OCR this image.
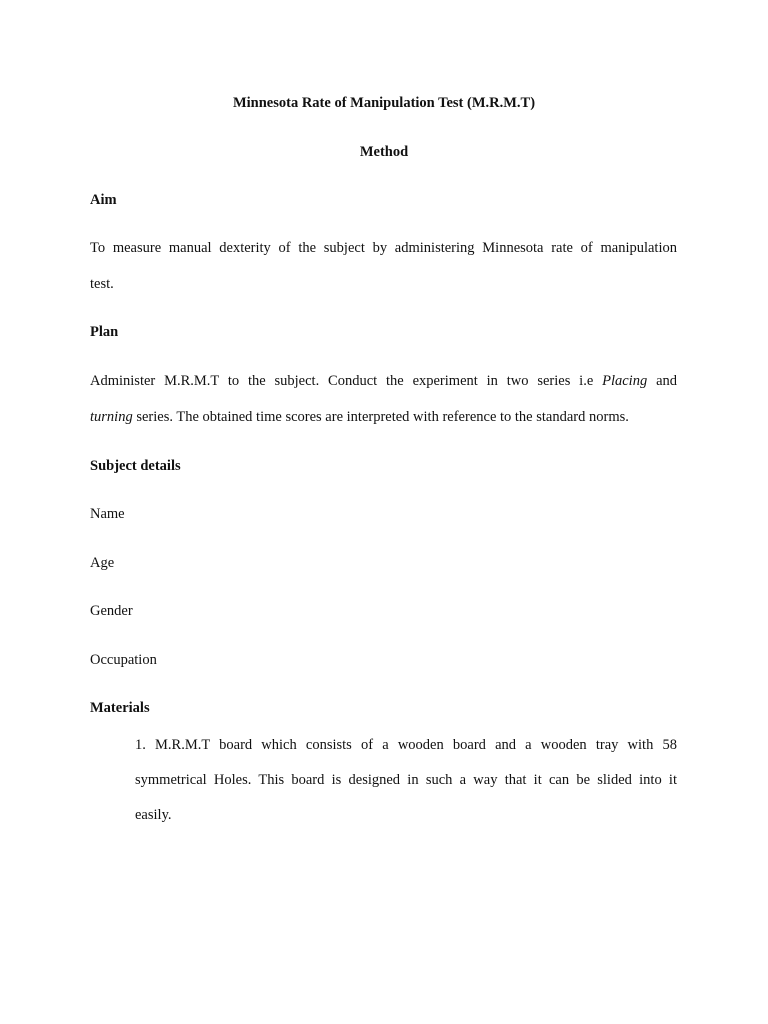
Minnesota Rate of Manipulation Test (M.R.M.T)
Method
Aim
To measure manual dexterity of the subject by administering Minnesota rate of manipulation
test.
Plan
Administer M.R.M.T to the subject. Conduct the experiment in two series i.e Placing and
turning series. The obtained time scores are interpreted with reference to the standard norms.
Subject details
Name
Age
Gender
Occupation
Materials
1. M.R.M.T board which consists of a wooden board and a wooden tray with 58
symmetrical Holes. This board is designed in such a way that it can be slided into it
easily.
